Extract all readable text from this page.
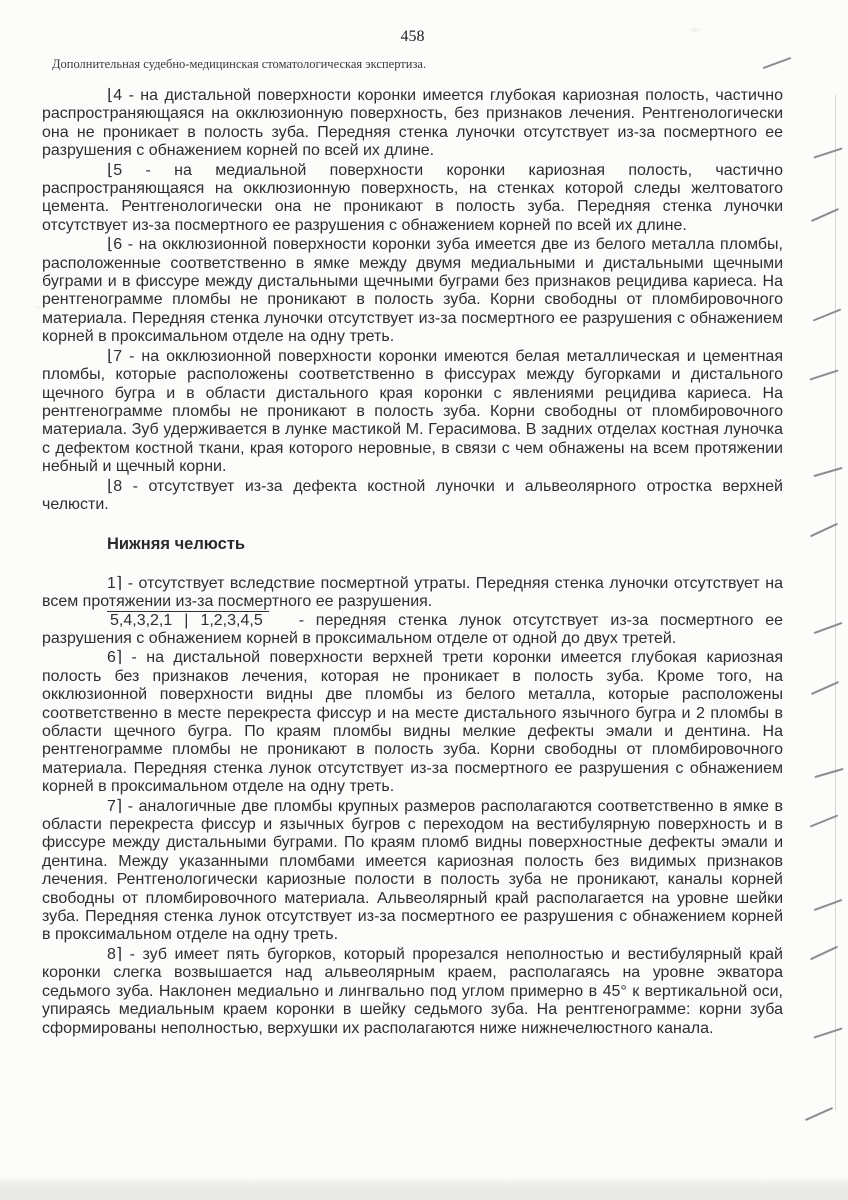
458
Дополнительная судебно-медицинская стоматологическая экспертиза.

⌊4 - на дистальной поверхности коронки имеется глубокая кариозная полость, частично распространяющаяся на окклюзионную поверхность, без признаков лечения. Рентгенологически она не проникает в полость зуба. Передняя стенка луночки отсутствует из-за посмертного ее разрушения с обнажением корней по всей их длине.

⌊5 - на медиальной поверхности коронки кариозная полость, частично распространяющаяся на окклюзионную поверхность, на стенках которой следы желтоватого цемента. Рентгенологически она не проникают в полость зуба. Передняя стенка луночки отсутствует из-за посмертного ее разрушения с обнажением корней по всей их длине.

⌊6 - на окклюзионной поверхности коронки зуба имеется две из белого металла пломбы, расположенные соответственно в ямке между двумя медиальными и дистальными щечными буграми и в фиссуре между дистальными щечными буграми без признаков рецидива кариеса. На рентгенограмме пломбы не проникают в полость зуба. Корни свободны от пломбировочного материала. Передняя стенка луночки отсутствует из-за посмертного ее разрушения с обнажением корней в проксимальном отделе на одну треть.

⌊7 - на окклюзионной поверхности коронки имеются белая металлическая и цементная пломбы, которые расположены соответственно в фиссурах между бугорками и дистального щечного бугра и в области дистального края коронки с явлениями рецидива кариеса. На рентгенограмме пломбы не проникают в полость зуба. Корни свободны от пломбировочного материала. Зуб удерживается в лунке мастикой М. Герасимова. В задних отделах костная луночка с дефектом костной ткани, края которого неровные, в связи с чем обнажены на всем протяжении небный и щечный корни.

⌊8 - отсутствует из-за дефекта костной луночки и альвеолярного отростка верхней челюсти.

Нижняя челюсть

1⌉ - отсутствует вследствие посмертной утраты. Передняя стенка луночки отсутствует на всем протяжении из-за посмертного ее разрушения.

5,4,3,2,1 | 1,2,3,4,5 - передняя стенка лунок отсутствует из-за посмертного ее разрушения с обнажением корней в проксимальном отделе от одной до двух третей.

6⌉ - на дистальной поверхности верхней трети коронки имеется глубокая кариозная полость без признаков лечения, которая не проникает в полость зуба. Кроме того, на окклюзионной поверхности видны две пломбы из белого металла, которые расположены соответственно в месте перекреста фиссур и на месте дистального язычного бугра и 2 пломбы в области щечного бугра. По краям пломбы видны мелкие дефекты эмали и дентина. На рентгенограмме пломбы не проникают в полость зуба. Корни свободны от пломбировочного материала. Передняя стенка лунок отсутствует из-за посмертного ее разрушения с обнажением корней в проксимальном отделе на одну треть.

7⌉ - аналогичные две пломбы крупных размеров располагаются соответственно в ямке в области перекреста фиссур и язычных бугров с переходом на вестибулярную поверхность и в фиссуре между дистальными буграми. По краям пломб видны поверхностные дефекты эмали и дентина. Между указанными пломбами имеется кариозная полость без видимых признаков лечения. Рентгенологически кариозные полости в полость зуба не проникают, каналы корней свободны от пломбировочного материала. Альвеолярный край располагается на уровне шейки зуба. Передняя стенка лунок отсутствует из-за посмертного ее разрушения с обнажением корней в проксимальном отделе на одну треть.

8⌉ - зуб имеет пять бугорков, который прорезался неполностью и вестибулярный край коронки слегка возвышается над альвеолярным краем, располагаясь на уровне экватора седьмого зуба. Наклонен медиально и лингвально под углом примерно в 45° к вертикальной оси, упираясь медиальным краем коронки в шейку седьмого зуба. На рентгенограмме: корни зуба сформированы неполностью, верхушки их располагаются ниже нижнечелюстного канала.
